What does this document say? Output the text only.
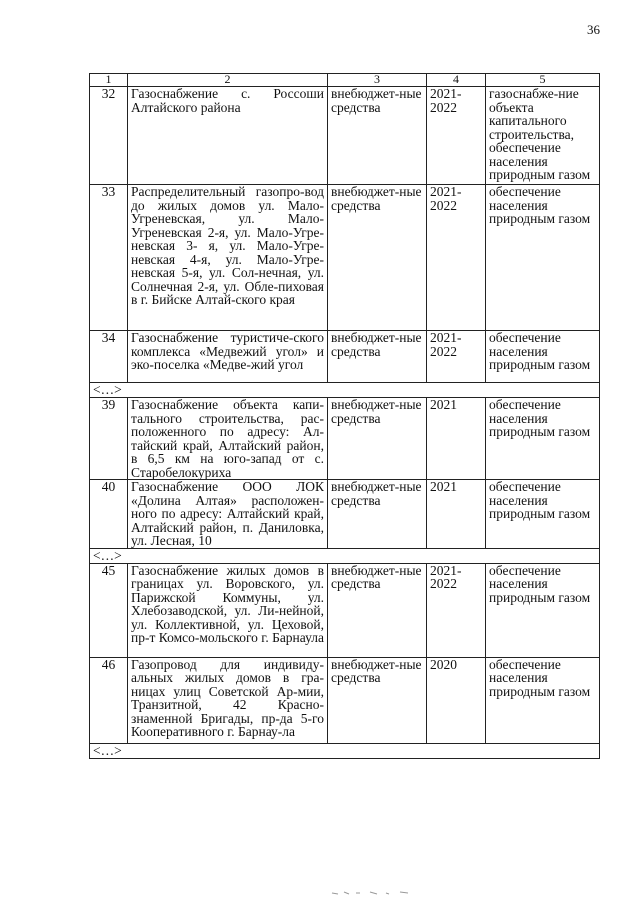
36
1	2	3	4	5
32	Газоснабжение с. Россоши Алтайского района	внебюджет-ные средства	2021-2022	газоснабже-ние объекта капитального строительства, обеспечение населения природным газом
33	Распределительный газопро-вод до жилых домов ул. Мало-Угреневская, ул. Мало-Угреневская 2-я, ул. Мало-Угре-невская 3- я, ул. Мало-Угре-невская 4-я, ул. Мало-Угре-невская 5-я, ул. Сол-нечная, ул. Солнечная 2-я, ул. Обле-пиховая в г. Бийске Алтай-ского края	внебюджет-ные средства	2021-2022	обеспечение населения природным газом
34	Газоснабжение туристиче-ского комплекса «Медвежий угол» и эко-поселка «Медве-жий угол	внебюджет-ные средства	2021-2022	обеспечение населения природным газом
<…>				
39	Газоснабжение объекта капи-тального строительства, рас-положенного по адресу: Ал-тайский край, Алтайский район, в 6,5 км на юго-запад от с. Старобелокуриха	внебюджет-ные средства	2021	обеспечение населения природным газом
40	Газоснабжение ООО ЛОК «Долина Алтая» расположен-ного по адресу: Алтайский край, Алтайский район, п. Даниловка, ул. Лесная, 10	внебюджет-ные средства	2021	обеспечение населения природным газом
<…>				
45	Газоснабжение жилых домов в границах ул. Воровского, ул. Парижской Коммуны, ул. Хлебозаводской, ул. Ли-нейной, ул. Коллективной, ул. Цеховой, пр-т Комсо-мольского г. Барнаула	внебюджет-ные средства	2021-2022	обеспечение населения природным газом
46	Газопровод для индивиду-альных жилых домов в гра-ницах улиц Советской Ар-мии, Транзитной, 42 Красно-знаменной Бригады, пр-да 5-го Кооперативного г. Барнау-ла	внебюджет-ные средства	2020	обеспечение населения природным газом
<…>				
